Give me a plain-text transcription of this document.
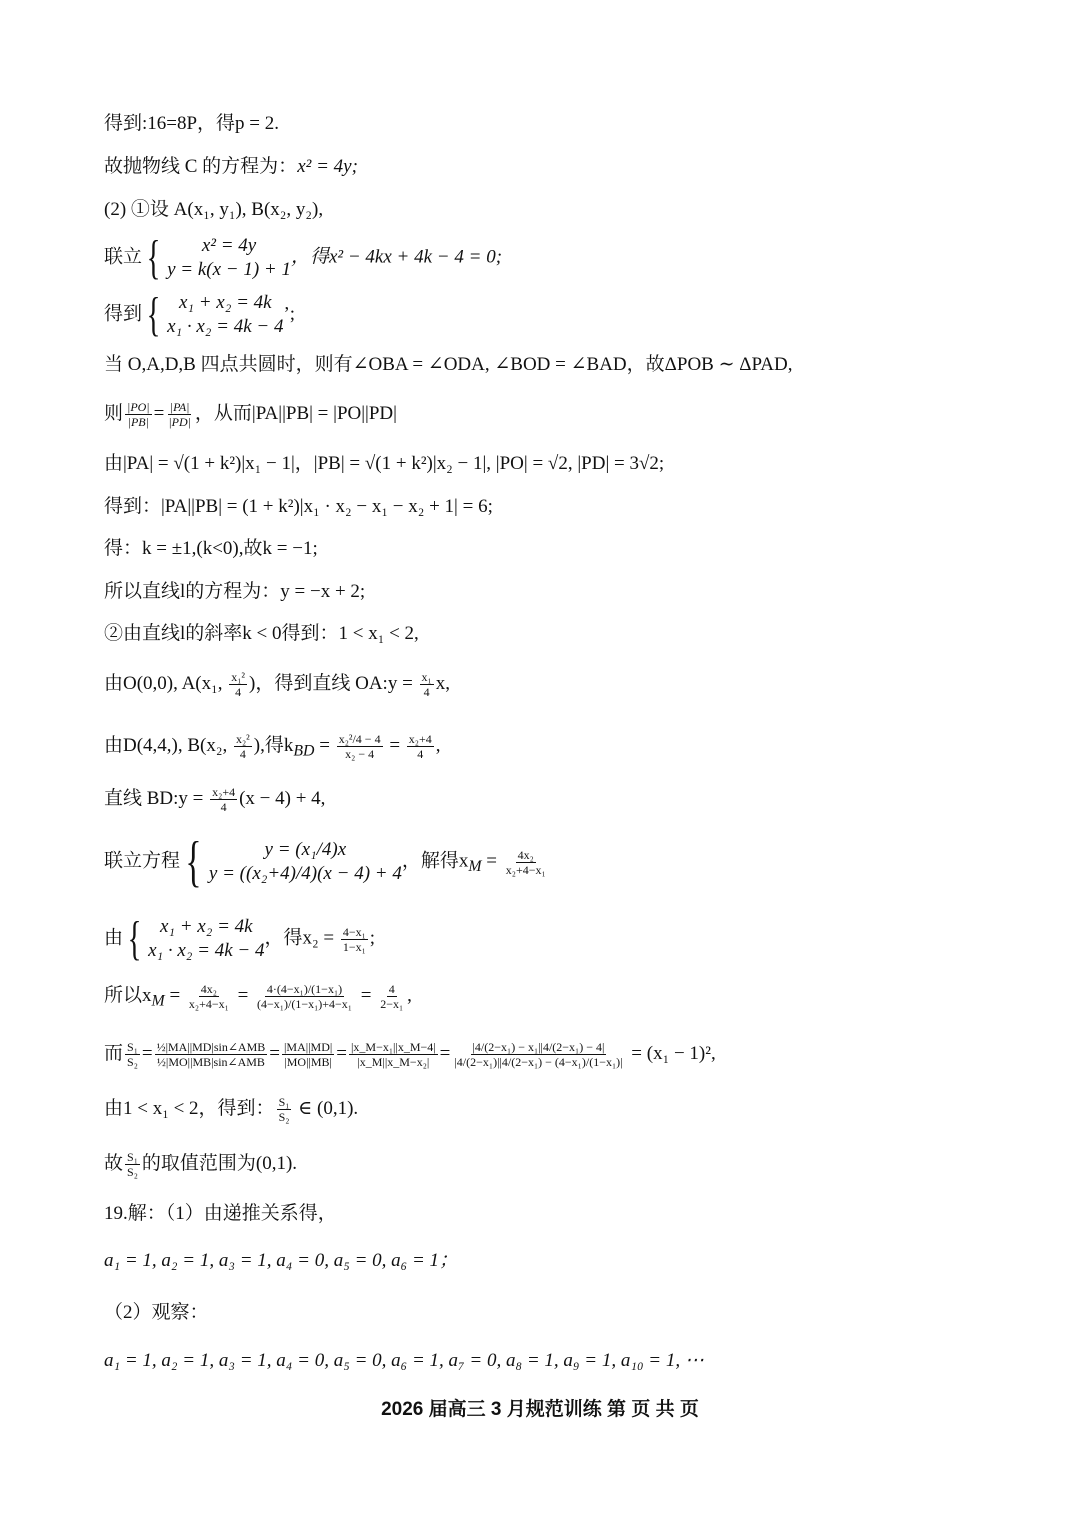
得到:16=8P，得p = 2.
故抛物线 C 的方程为：x² = 4y;
(2) ①设 A(x₁, y₁), B(x₂, y₂),
联立 {	x² = 4y
y = k(x − 1) + 1
，得x² − 4kx + 4k − 4 = 0;
得到 { x₁ + x₂ = 4k
x₁ · x₂ = 4k − 4
’;
当 O,A,D,B 四点共圆时，则有∠OBA = ∠ODA, ∠BOD = ∠BAD，故ΔPOB ∼ ΔPAD,
则 $\frac{|PO|}{|PB|} = \frac{|PA|}{|PD|}$ ，从而|PA||PB| = |PO||PD|
由|PA| = √(1 + k²)|x₁ − 1|，|PB| = √(1 + k²)|x₂ − 1|, |PO| = √2, |PD| = 3√2;
得到：|PA||PB| = (1 + k²)|x₁ · x₂ − x₁ − x₂ + 1| = 6;
得：k = ±1,(k<0),故k = −1;
所以直线l的方程为：y = −x + 2;
②由直线l的斜率k < 0得到：1 < x₁ < 2,
由O(0,0), A(x₁, $\frac{\text{x₁²}}{4}$ )，得到直线 OA:y = $\frac{\text{x₁}}{4} x$,
由D(4,4,), B(x₂, $\frac{\text{x₂²}}{4}$ ),得$k_{BD} = \frac{\text{x₂²/4 − 4}}{\text{x₂ − 4}} = \frac{\text{x₂+4}}{4}$ ,
直线 BD:y = $\frac{\text{x₂+4}}{4} (x - 4) + 4$,
联立方程 {	y = (x₁/4)x
y = ((x₂+4)/4)(x − 4) + 4
，解得$x_M = \frac{\text{4x₂}}{\text{x₂+4−x₁}}$
由 { x₁ + x₂ = 4k
x₁ · x₂ = 4k − 4
，得$x_2 = \frac{\text{4−x₁}}{\text{1−x₁}}$ ;
所以$x_M = \frac{\text{4x₂}}{\text{x₂+4−x₁}} = \frac{\text{4·(4−x₁)/(1−x₁)}}{\text{(4−x₁)/(1−x₁)+4−x₁}} = \frac{4}{\text{2−x₁}}$ ,
而 $\frac{\text{S₁}}{\text{S₂}} = \frac{\text{½|MA||MD|sin∠AMB}}{\text{½|MO||MB|sin∠AMB}} = \frac{|MA||MD|}{|MO||MB|} = \frac{\text{|x\_M−x₁||x\_M−4|}}{\text{|x\_M||x\_M−x₂|}} = \frac{\text{|4/(2−x₁) − x₁||4/(2−x₁) − 4|}}{\text{|4/(2−x₁)||4/(2−x₁) − (4−x₁)/(1−x₁)|}} = (x_1 - 1)^2$,
由1 < x₁ < 2，得到： $\frac{\text{S₁}}{\text{S₂}}$ ∈ (0,1).
故 $\frac{\text{S₁}}{\text{S₂}}$ 的取值范围为(0,1).
19.解：（1）由递推关系得，
a₁ = 1, a₂ = 1, a₃ = 1, a₄ = 0, a₅ = 0, a₆ = 1；
（2）观察：
a₁ = 1, a₂ = 1, a₃ = 1, a₄ = 0, a₅ = 0, a₆ = 1, a₇ = 0, a₈ = 1, a₉ = 1, a₁₀ = 1, ⋯
2026 届高三 3 月规范训练 第 页 共 页
